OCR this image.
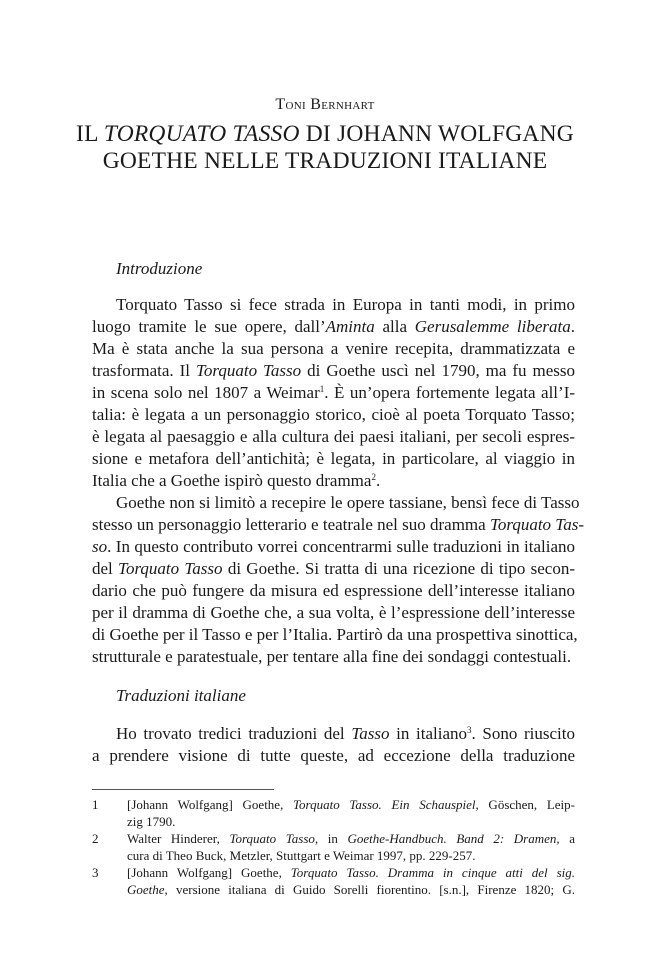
Toni Bernhart
IL TORQUATO TASSO DI JOHANN WOLFGANG
GOETHE NELLE TRADUZIONI ITALIANE
Introduzione
Torquato Tasso si fece strada in Europa in tanti modi, in primo
luogo tramite le sue opere, dall’Aminta alla Gerusalemme liberata.
Ma è stata anche la sua persona a venire recepita, drammatizzata e
trasformata. Il Torquato Tasso di Goethe uscì nel 1790, ma fu messo
in scena solo nel 1807 a Weimar$^1$. È un’opera fortemente legata all’I-
talia: è legata a un personaggio storico, cioè al poeta Torquato Tasso;
è legata al paesaggio e alla cultura dei paesi italiani, per secoli espres-
sione e metafora dell’antichità; è legata, in particolare, al viaggio in
Italia che a Goethe ispirò questo dramma$^2$.
Goethe non si limitò a recepire le opere tassiane, bensì fece di Tasso
stesso un personaggio letterario e teatrale nel suo dramma Torquato Tas-
so. In questo contributo vorrei concentrarmi sulle traduzioni in italiano
del Torquato Tasso di Goethe. Si tratta di una ricezione di tipo secon-
dario che può fungere da misura ed espressione dell’interesse italiano
per il dramma di Goethe che, a sua volta, è l’espressione dell’interesse
di Goethe per il Tasso e per l’Italia. Partirò da una prospettiva sinottica,
strutturale e paratestuale, per tentare alla fine dei sondaggi contestuali.
Traduzioni italiane
Ho trovato tredici traduzioni del Tasso in italiano$^3$. Sono riuscito
a prendere visione di tutte queste, ad eccezione della traduzione
1	[Johann Wolfgang] Goethe, Torquato Tasso. Ein Schauspiel, Göschen, Leip-
zig 1790.
2	Walter Hinderer, Torquato Tasso, in Goethe-Handbuch. Band 2: Dramen, a
cura di Theo Buck, Metzler, Stuttgart e Weimar 1997, pp. 229-257.
3	[Johann Wolfgang] Goethe, Torquato Tasso. Dramma in cinque atti del sig.
Goethe, versione italiana di Guido Sorelli fiorentino. [s.n.], Firenze 1820; G.
